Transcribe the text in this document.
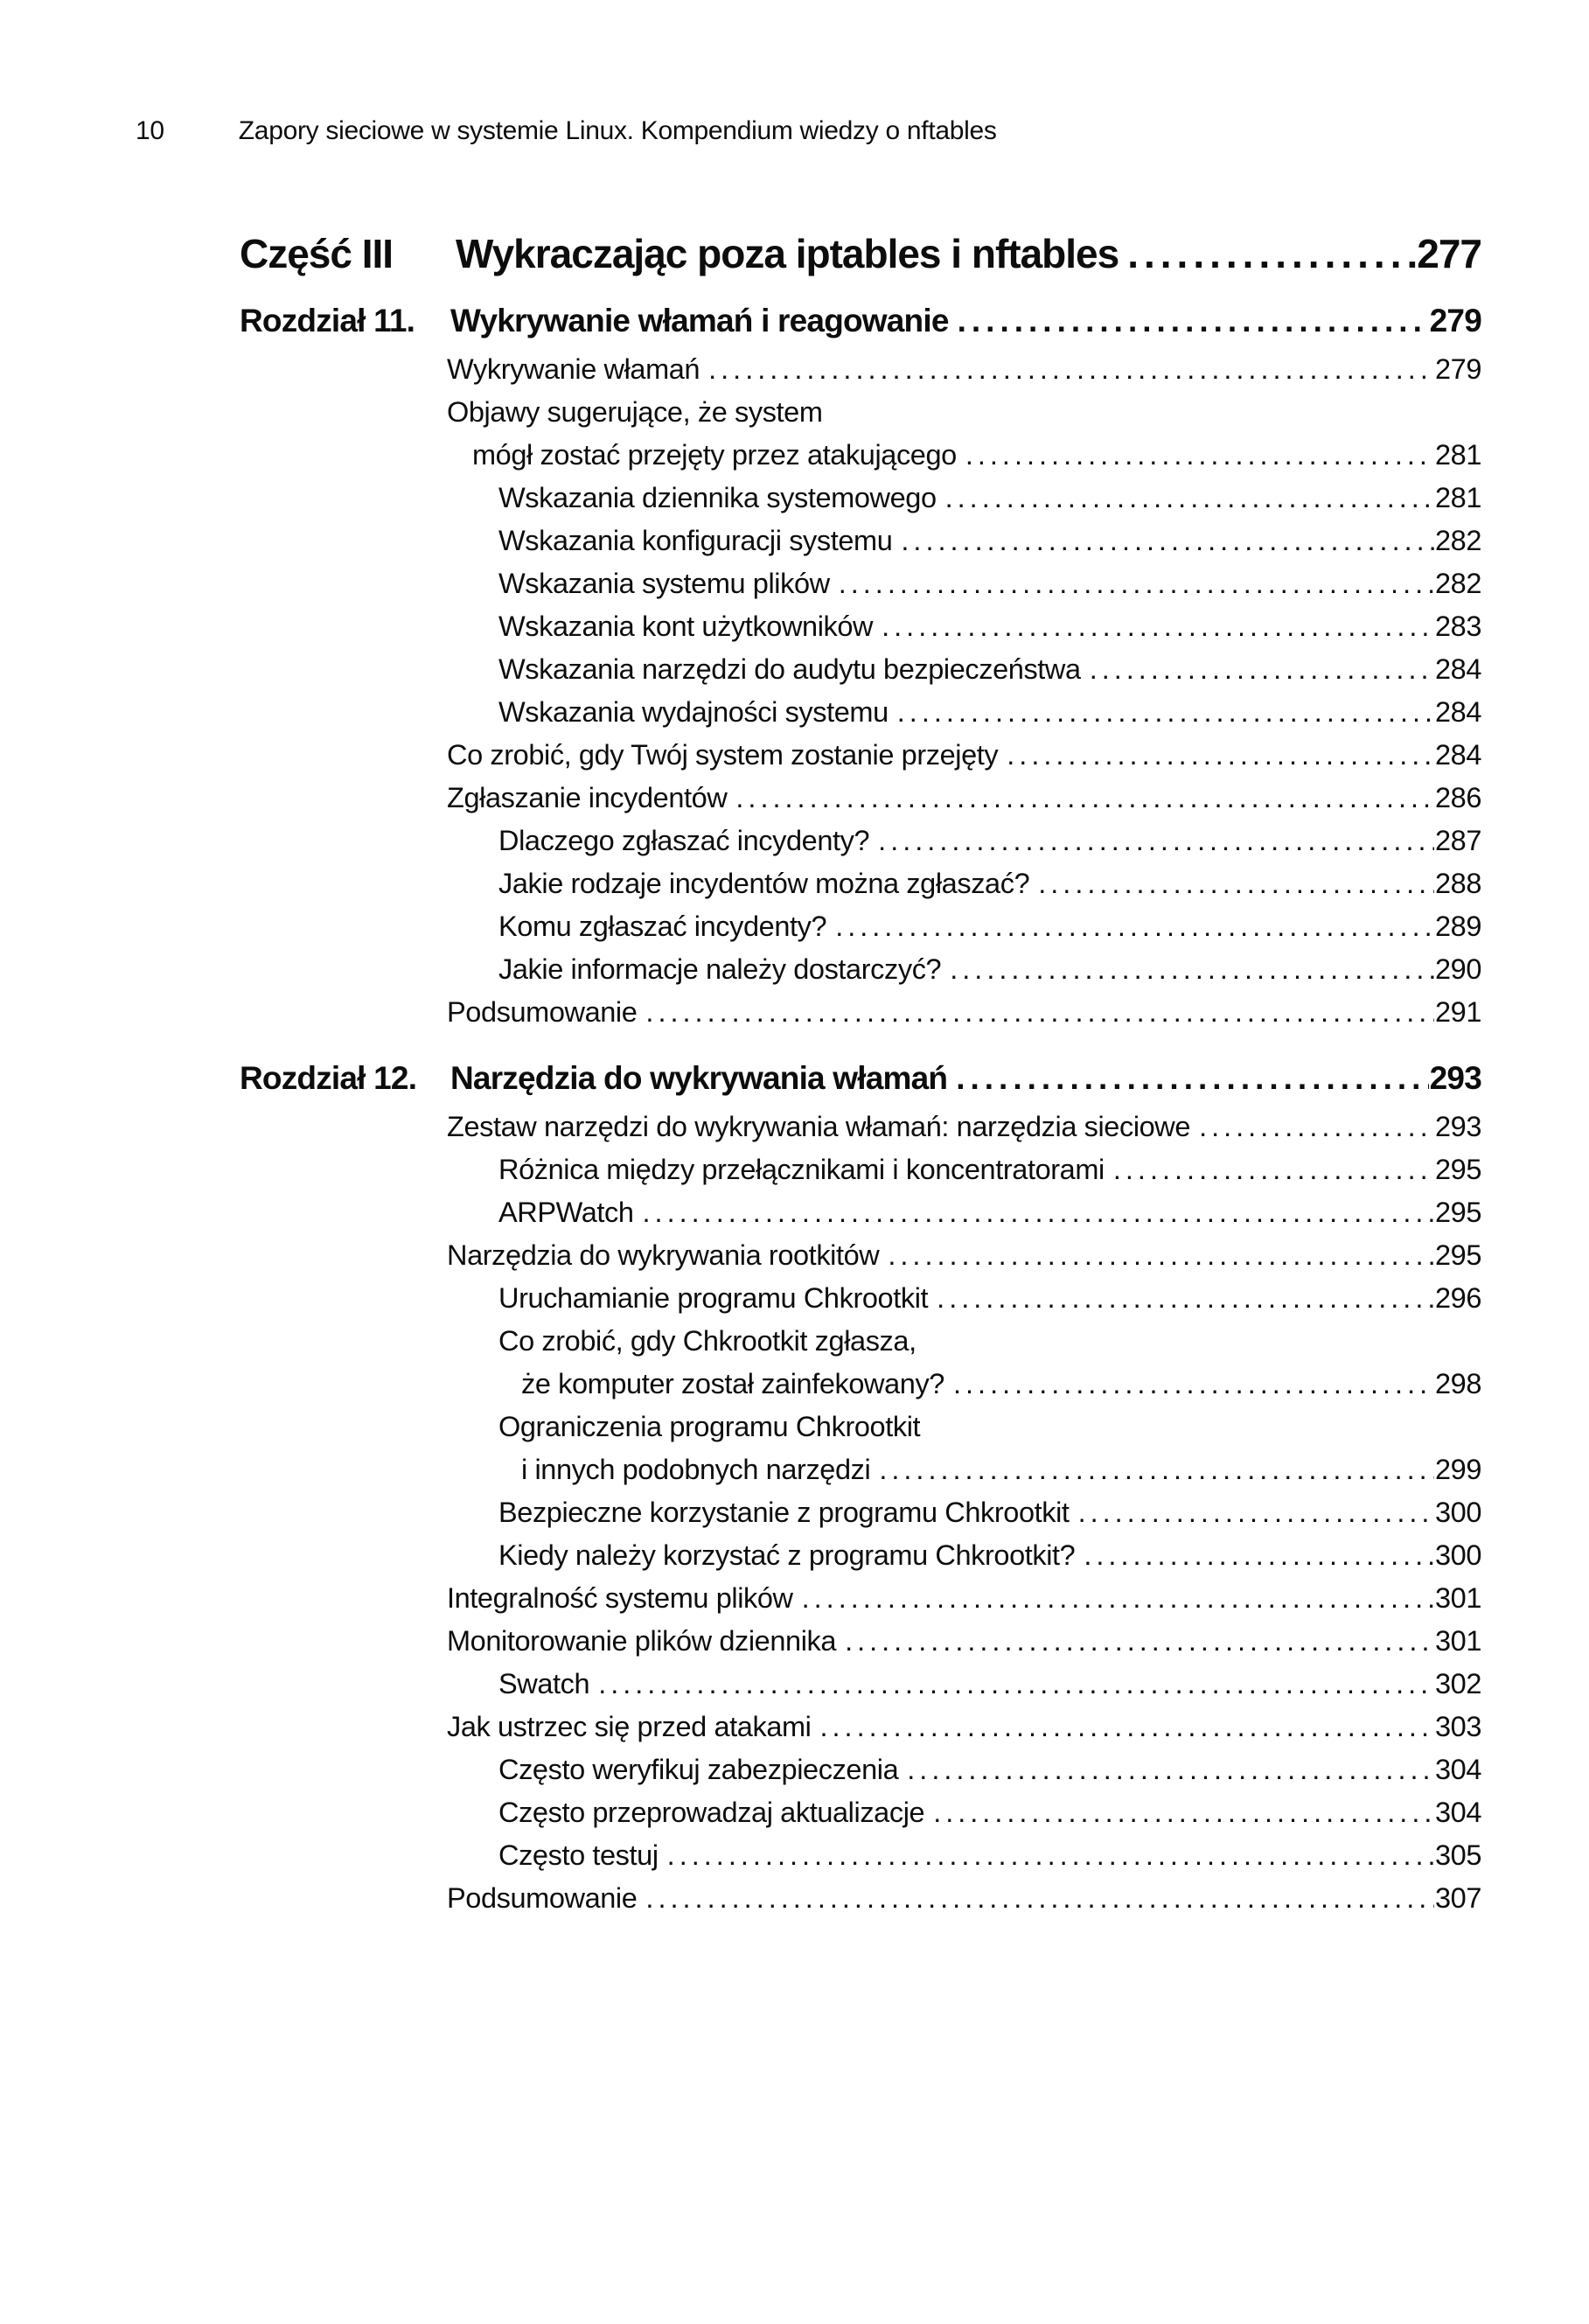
10	Zapory sieciowe w systemie Linux. Kompendium wiedzy o nftables
Część III	Wykraczając poza iptables i nftables .....	277
Rozdział 11.	Wykrywanie włamań i reagowanie .....	279
Wykrywanie włamań .....	279
Objawy sugerujące, że system
mógł zostać przejęty przez atakującego .....	281
Wskazania dziennika systemowego .....	281
Wskazania konfiguracji systemu .....	282
Wskazania systemu plików .....	282
Wskazania kont użytkowników .....	283
Wskazania narzędzi do audytu bezpieczeństwa .....	284
Wskazania wydajności systemu .....	284
Co zrobić, gdy Twój system zostanie przejęty .....	284
Zgłaszanie incydentów .....	286
Dlaczego zgłaszać incydenty? .....	287
Jakie rodzaje incydentów można zgłaszać? .....	288
Komu zgłaszać incydenty? .....	289
Jakie informacje należy dostarczyć? .....	290
Podsumowanie .....	291
Rozdział 12.	Narzędzia do wykrywania włamań .....	293
Zestaw narzędzi do wykrywania włamań: narzędzia sieciowe .....	293
Różnica między przełącznikami i koncentratorami .....	295
ARPWatch .....	295
Narzędzia do wykrywania rootkitów .....	295
Uruchamianie programu Chkrootkit .....	296
Co zrobić, gdy Chkrootkit zgłasza,
że komputer został zainfekowany? .....	298
Ograniczenia programu Chkrootkit
i innych podobnych narzędzi .....	299
Bezpieczne korzystanie z programu Chkrootkit .....	300
Kiedy należy korzystać z programu Chkrootkit? .....	300
Integralność systemu plików .....	301
Monitorowanie plików dziennika .....	301
Swatch .....	302
Jak ustrzec się przed atakami .....	303
Często weryfikuj zabezpieczenia .....	304
Często przeprowadzaj aktualizacje .....	304
Często testuj .....	305
Podsumowanie .....	307
